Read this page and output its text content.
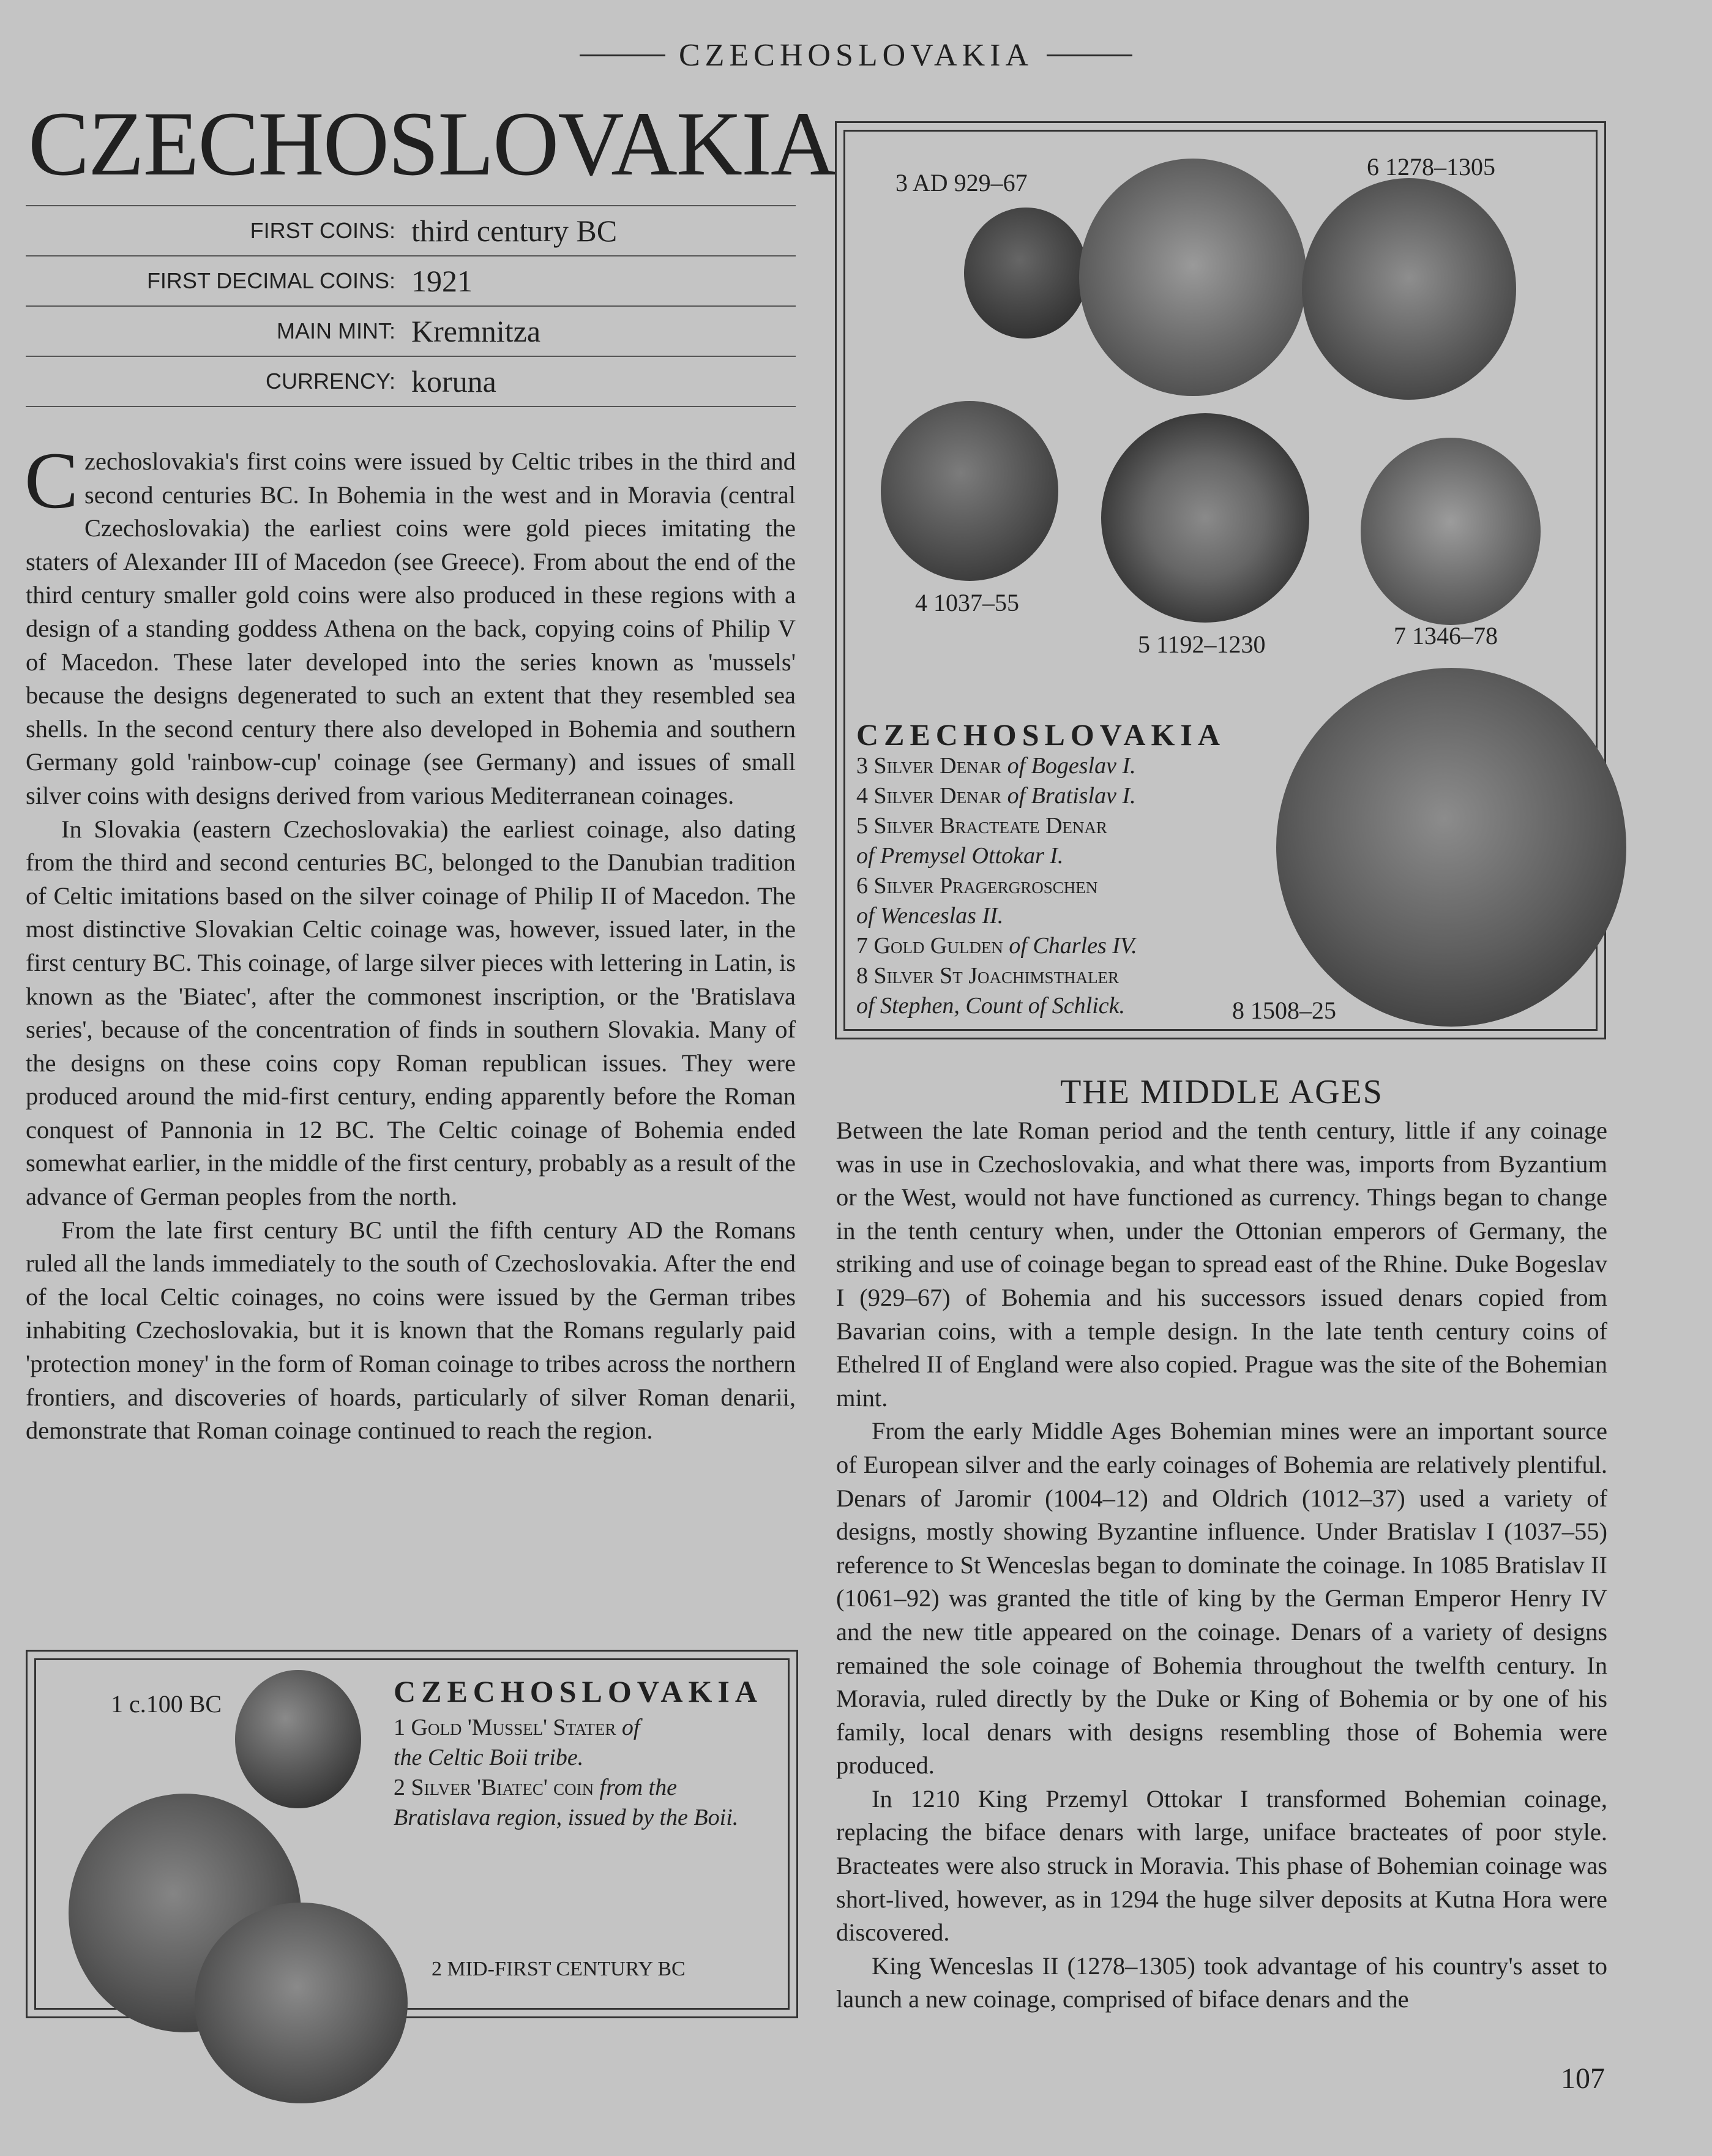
CZECHOSLOVAKIA
CZECHOSLOVAKIA
FIRST COINS: third century BC
FIRST DECIMAL COINS: 1921
MAIN MINT: Kremnitza
CURRENCY: koruna

Czechoslovakia's first coins were issued by Celtic tribes in the third and second centuries BC. In Bohemia in the west and in Moravia (central Czechoslovakia) the earliest coins were gold pieces imitating the staters of Alexander III of Macedon (see Greece). From about the end of the third century smaller gold coins were also produced in these regions with a design of a standing goddess Athena on the back, copying coins of Philip V of Macedon. These later developed into the series known as 'mussels' because the designs degenerated to such an extent that they resembled sea shells. In the second century there also developed in Bohemia and southern Germany gold 'rainbow-cup' coinage (see Germany) and issues of small silver coins with designs derived from various Mediterranean coinages.

In Slovakia (eastern Czechoslovakia) the earliest coinage, also dating from the third and second centuries BC, belonged to the Danubian tradition of Celtic imitations based on the silver coinage of Philip II of Macedon. The most distinctive Slovakian Celtic coinage was, however, issued later, in the first century BC. This coinage, of large silver pieces with lettering in Latin, is known as the 'Biatec', after the commonest inscription, or the 'Bratislava series', because of the concentration of finds in southern Slovakia. Many of the designs on these coins copy Roman republican issues. They were produced around the mid-first century, ending apparently before the Roman conquest of Pannonia in 12 BC. The Celtic coinage of Bohemia ended somewhat earlier, in the middle of the first century, probably as a result of the advance of German peoples from the north.

From the late first century BC until the fifth century AD the Romans ruled all the lands immediately to the south of Czechoslovakia. After the end of the local Celtic coinages, no coins were issued by the German tribes inhabiting Czechoslovakia, but it is known that the Romans regularly paid 'protection money' in the form of Roman coinage to tribes across the northern frontiers, and discoveries of hoards, particularly of silver Roman denarii, demonstrate that Roman coinage continued to reach the region.

3 AD 929–67
6 1278–1305
4 1037–55
5 1192–1230	7 1346–78
8 1508–25
CZECHOSLOVAKIA
3 Silver Denar of Bogeslav I.
4 Silver Denar of Bratislav I.
5 Silver Bracteate Denar
of Premysel Ottokar I.
6 Silver Pragergroschen
of Wenceslas II.
7 Gold Gulden of Charles IV.
8 Silver St Joachimsthaler
of Stephen, Count of Schlick.
THE MIDDLE AGES

Between the late Roman period and the tenth century, little if any coinage was in use in Czechoslovakia, and what there was, imports from Byzantium or the West, would not have functioned as currency. Things began to change in the tenth century when, under the Ottonian emperors of Germany, the striking and use of coinage began to spread east of the Rhine. Duke Bogeslav I (929–67) of Bohemia and his successors issued denars copied from Bavarian coins, with a temple design. In the late tenth century coins of Ethelred II of England were also copied. Prague was the site of the Bohemian mint.

From the early Middle Ages Bohemian mines were an important source of European silver and the early coinages of Bohemia are relatively plentiful. Denars of Jaromir (1004–12) and Oldrich (1012–37) used a variety of designs, mostly showing Byzantine influence. Under Bratislav I (1037–55) reference to St Wenceslas began to dominate the coinage. In 1085 Bratislav II (1061–92) was granted the title of king by the German Emperor Henry IV and the new title appeared on the coinage. Denars of a variety of designs remained the sole coinage of Bohemia throughout the twelfth century. In Moravia, ruled directly by the Duke or King of Bohemia or by one of his family, local denars with designs resembling those of Bohemia were produced.

In 1210 King Przemyl Ottokar I transformed Bohemian coinage, replacing the biface denars with large, uniface bracteates of poor style. Bracteates were also struck in Moravia. This phase of Bohemian coinage was short-lived, however, as in 1294 the huge silver deposits at Kutna Hora were discovered.

King Wenceslas II (1278–1305) took advantage of his country's asset to launch a new coinage, comprised of biface denars and the

1 c.100 BC	CZECHOSLOVAKIA
1 Gold 'Mussel' Stater of
the Celtic Boii tribe.
2 Silver 'Biatec' coin from the
Bratislava region, issued by the Boii.
2 MID-FIRST CENTURY BC
107
